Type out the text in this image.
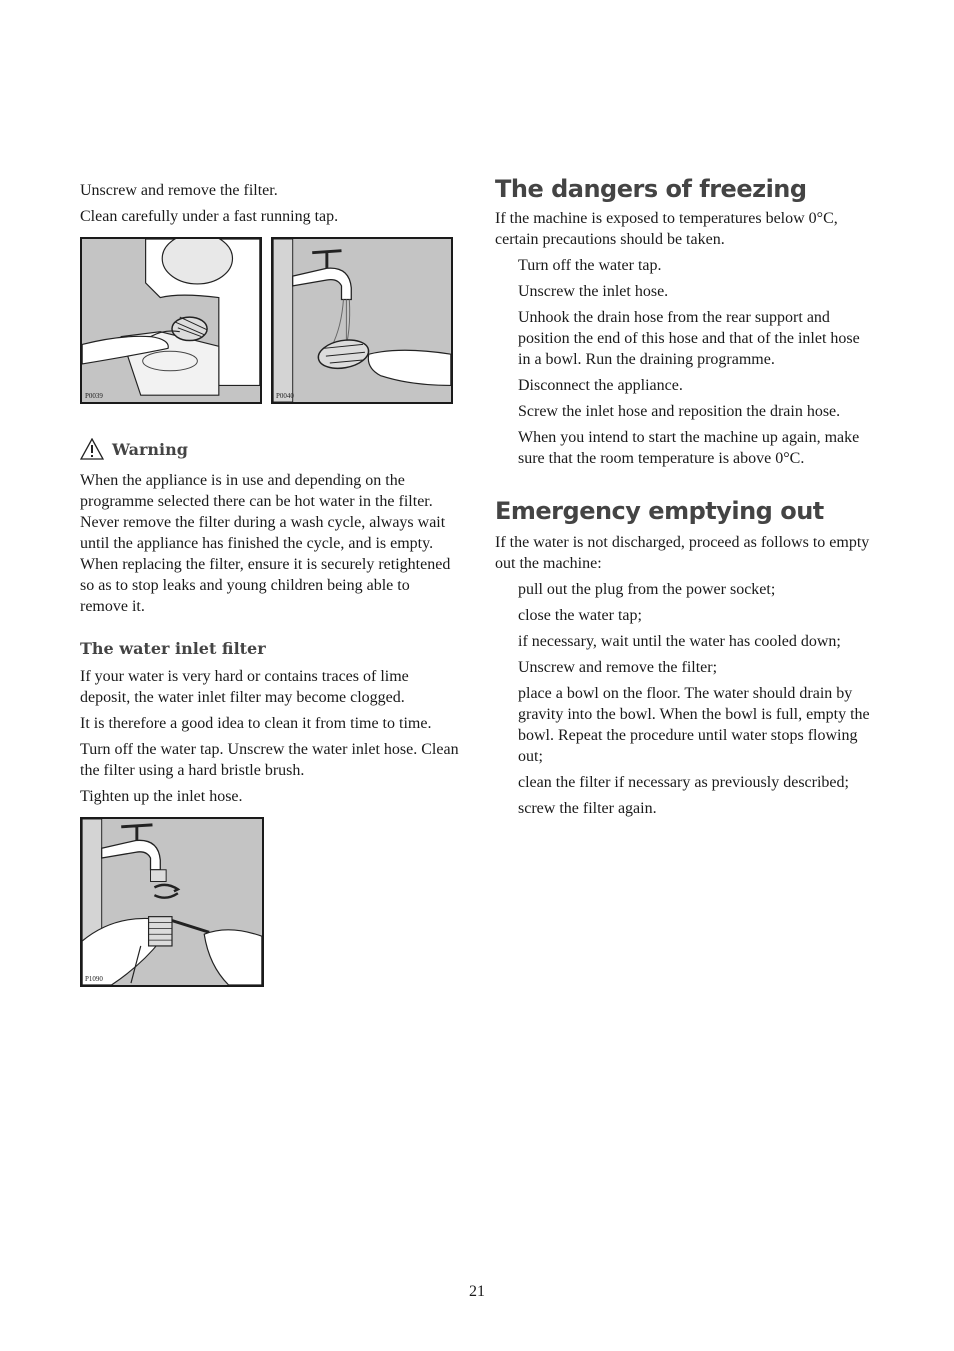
Unscrew and remove the filter.

Clean carefully under a fast running tap.

P0039	P0040
Warning

When the appliance is in use and depending on the programme selected there can be hot water in the filter. Never remove the filter during a wash cycle, always wait until the appliance has finished the cycle, and is empty. When replacing the filter, ensure it is securely retightened so as to stop leaks and young children being able to remove it.

The water inlet filter

If your water is very hard or contains traces of lime deposit, the water inlet filter may become clogged.

It is therefore a good idea to clean it from time to time.

Turn off the water tap. Unscrew the water inlet hose. Clean the filter using a hard bristle brush.

Tighten up the inlet hose.

P1090
The dangers of freezing

If the machine is exposed to temperatures below 0°C, certain precautions should be taken.

Turn off the water tap.

Unscrew the inlet hose.

Unhook the drain hose from the rear support and position the end of this hose and that of the inlet hose in a bowl. Run the draining programme.

Disconnect the appliance.

Screw the inlet hose and reposition the drain hose.

When you intend to start the machine up again, make sure that the room temperature is above 0°C.

Emergency emptying out

If the water is not discharged, proceed as follows to empty out the machine:

pull out the plug from the power socket;

close the water tap;

if necessary, wait until the water has cooled down;

Unscrew and remove the filter;

place a bowl on the floor. The water should drain by gravity into the bowl. When the bowl is full, empty the bowl. Repeat the procedure until water stops flowing out;

clean the filter if necessary as previously described;

screw the filter again.

21
